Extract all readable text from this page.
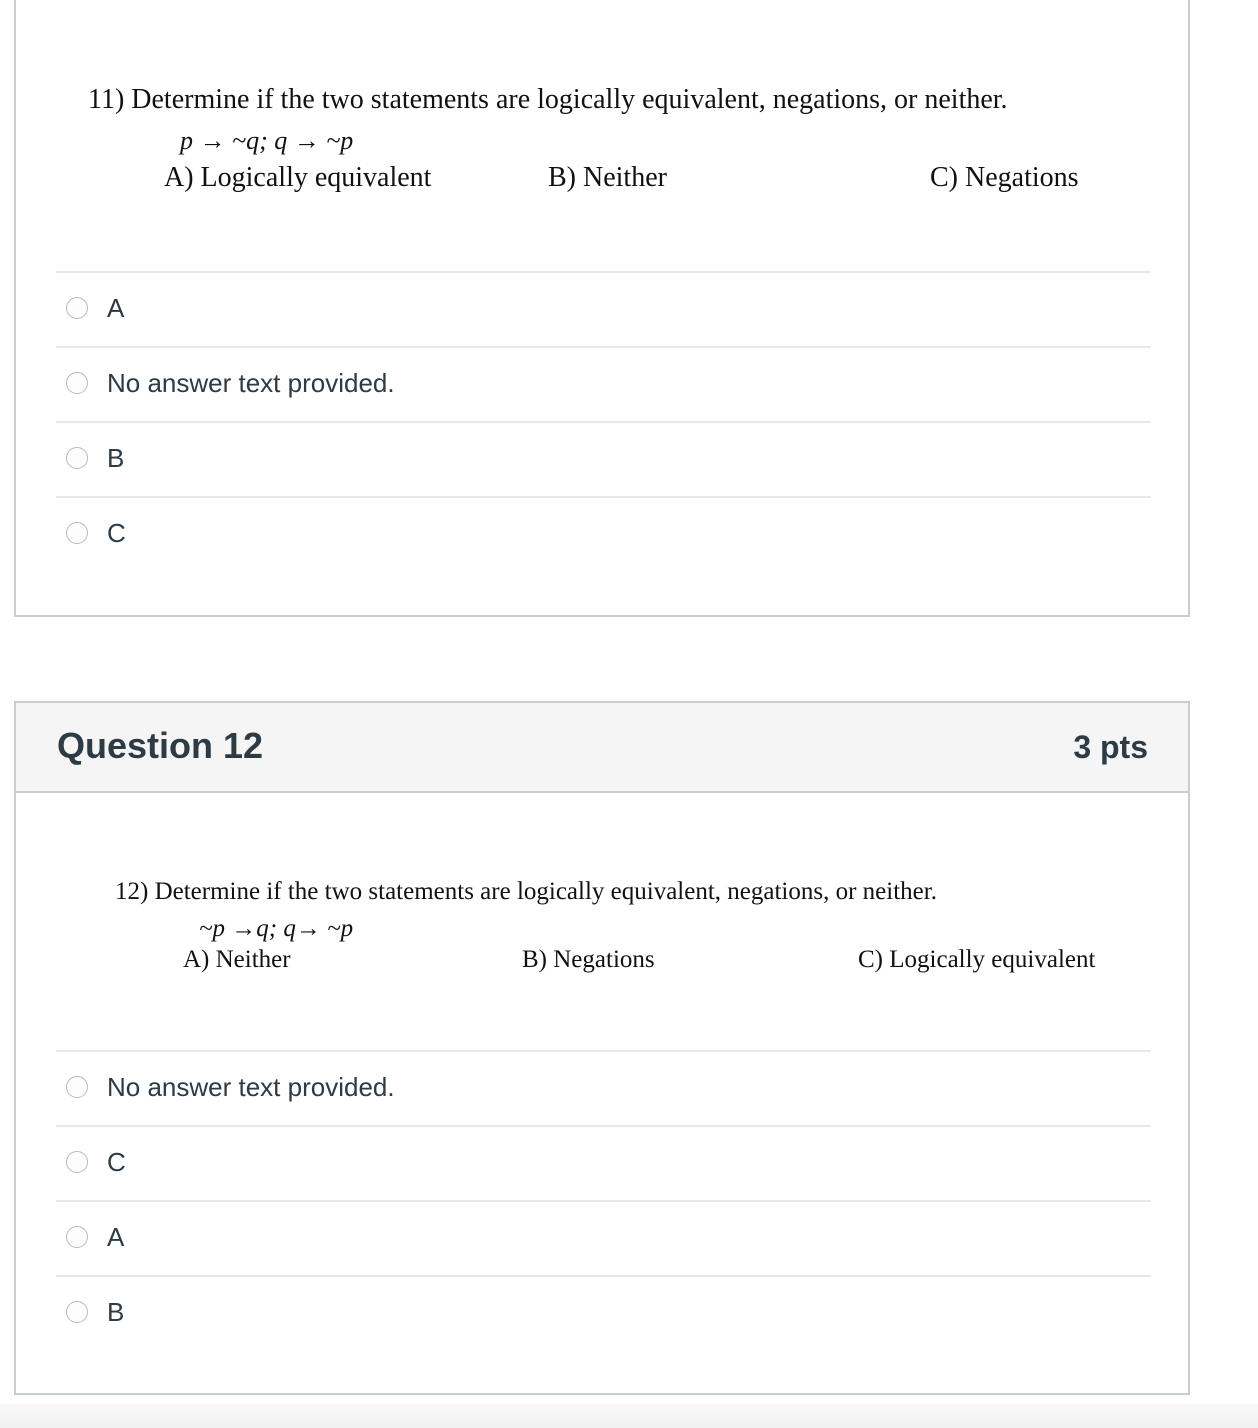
11) Determine if the two statements are logically equivalent, negations, or neither.
p → ~q; q → ~p
A) Logically equivalent	B) Neither	C) Negations
A
No answer text provided.
B
C
Question 12	3 pts
12) Determine if the two statements are logically equivalent, negations, or neither.
~p →q; q→ ~p
A) Neither	B) Negations	C) Logically equivalent
No answer text provided.
C
A
B
